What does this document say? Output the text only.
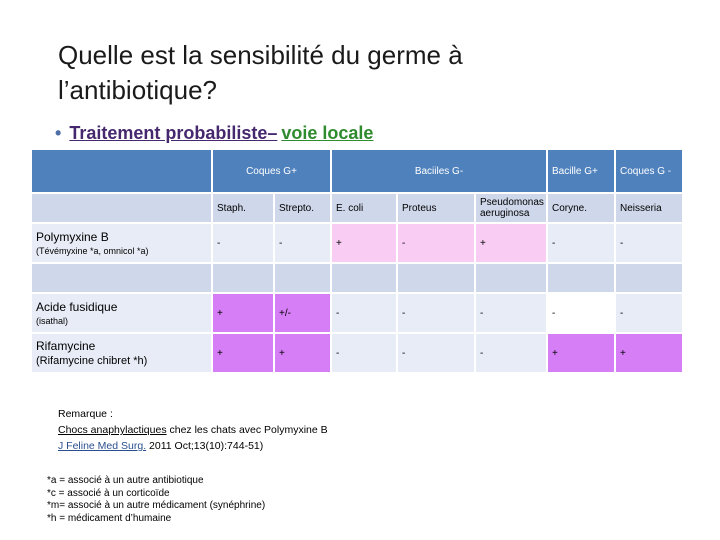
Quelle est la sensibilité du germe à
l’antibiotique?
• Traitement probabiliste– voie locale
	Coques G+		Baciiles G-			Bacille G+	Coques G -
	Staph.	Strepto.	E. coli	Proteus	Pseudomonas aeruginosa	Coryne.	Neisseria

Polymyxine B
(Tévémyxine *a, omnicol *a)	-	-	+	-	+	-	-

Acide fusidique
(isathal)	+	+/-	-	-	-	-	-

Rifamycine
(Rifamycine chibret *h)	+	+	-	-	-	+	+
Remarque :
Chocs anaphylactiques chez les chats avec Polymyxine B
J Feline Med Surg. 2011 Oct;13(10):744-51)
*a = associé à un autre antibiotique
*c = associé à un corticoïde
*m= associé à un autre médicament (synéphrine)
*h = médicament d’humaine
